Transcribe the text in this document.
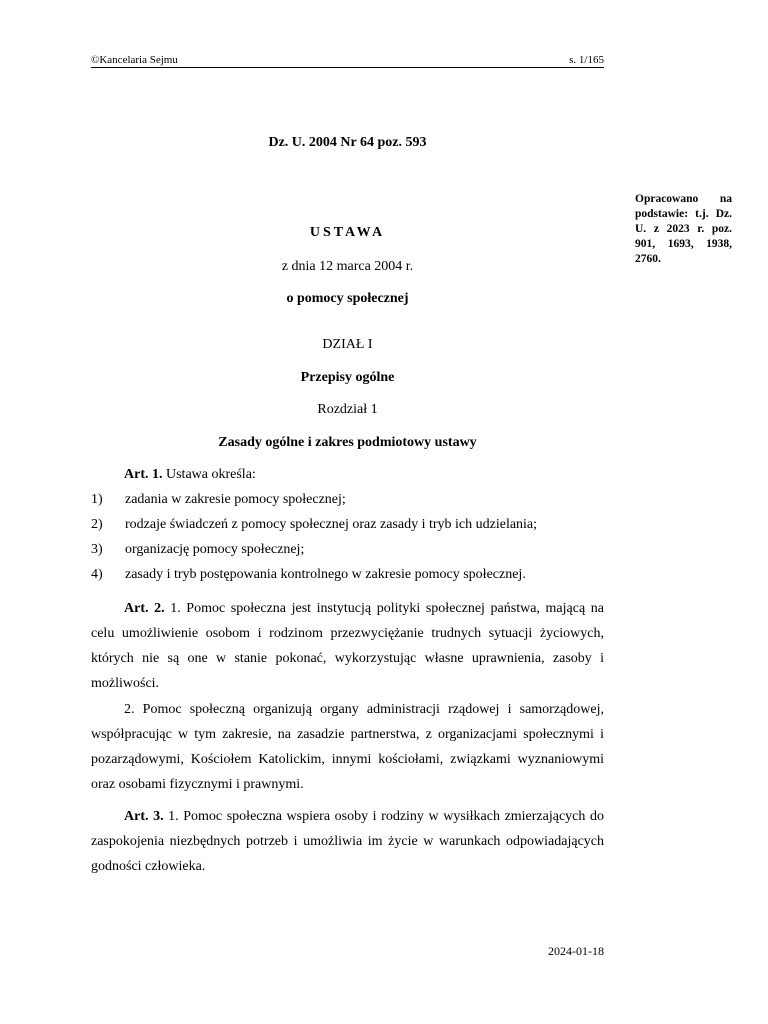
©Kancelaria Sejmu	s. 1/165
Dz. U. 2004 Nr 64 poz. 593
Opracowano na podstawie: t.j. Dz. U. z 2023 r. poz. 901, 1693, 1938, 2760.
USTAWA
z dnia 12 marca 2004 r.
o pomocy społecznej
DZIAŁ I
Przepisy ogólne
Rozdział 1
Zasady ogólne i zakres podmiotowy ustawy
Art. 1. Ustawa określa:
1) zadania w zakresie pomocy społecznej;
2) rodzaje świadczeń z pomocy społecznej oraz zasady i tryb ich udzielania;
3) organizację pomocy społecznej;
4) zasady i tryb postępowania kontrolnego w zakresie pomocy społecznej.

Art. 2. 1. Pomoc społeczna jest instytucją polityki społecznej państwa, mającą na celu umożliwienie osobom i rodzinom przezwyciężanie trudnych sytuacji życiowych, których nie są one w stanie pokonać, wykorzystując własne uprawnienia, zasoby i możliwości.

2. Pomoc społeczną organizują organy administracji rządowej i samorządowej, współpracując w tym zakresie, na zasadzie partnerstwa, z organizacjami społecznymi i pozarządowymi, Kościołem Katolickim, innymi kościołami, związkami wyznaniowymi oraz osobami fizycznymi i prawnymi.

Art. 3. 1. Pomoc społeczna wspiera osoby i rodziny w wysiłkach zmierzających do zaspokojenia niezbędnych potrzeb i umożliwia im życie w warunkach odpowiadających godności człowieka.

2024-01-18
